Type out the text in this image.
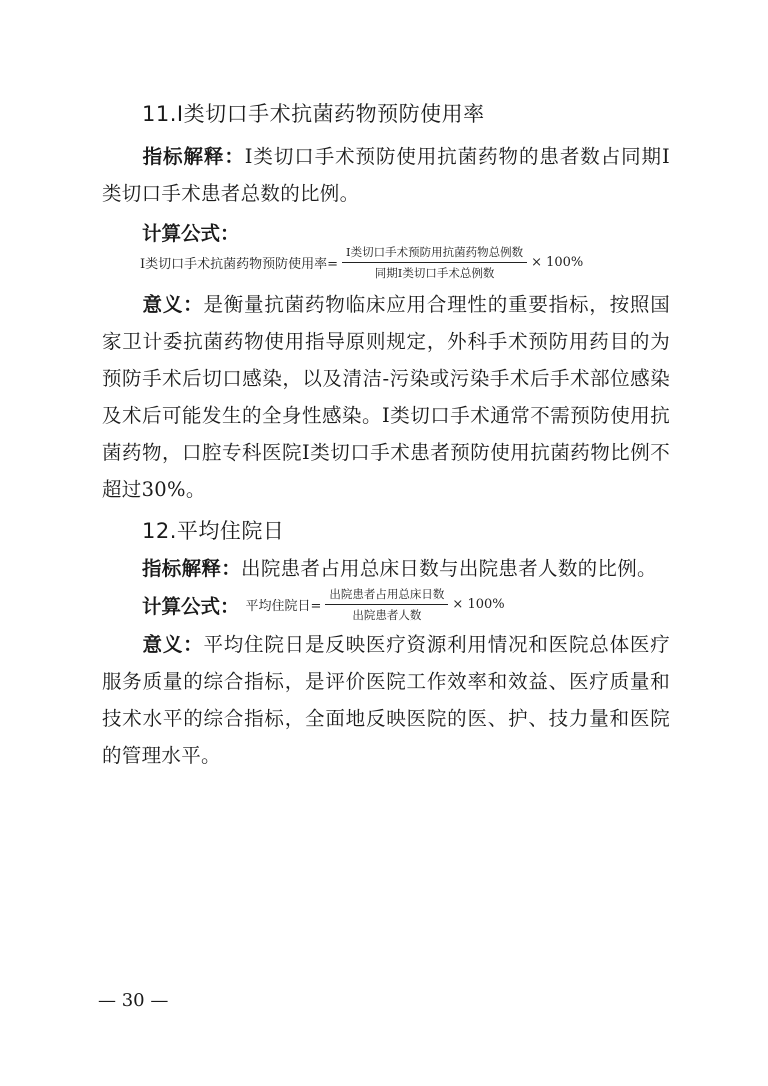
11.Ⅰ类切口手术抗菌药物预防使用率
指标解释：Ⅰ类切口手术预防使用抗菌药物的患者数占同期Ⅰ类切口手术患者总数的比例。
计算公式：
Ⅰ类切口手术抗菌药物预防使用率= $\frac{\text{Ⅰ类切口手术预防用抗菌药物总例数}}{\text{同期Ⅰ类切口手术总例数}} \times 100\%$
意义：是衡量抗菌药物临床应用合理性的重要指标，按照国家卫计委抗菌药物使用指导原则规定，外科手术预防用药目的为预防手术后切口感染，以及清洁-污染或污染手术后手术部位感染及术后可能发生的全身性感染。Ⅰ类切口手术通常不需预防使用抗菌药物，口腔专科医院Ⅰ类切口手术患者预防使用抗菌药物比例不超过30%。
12.平均住院日
指标解释：出院患者占用总床日数与出院患者人数的比例。
计算公式： 平均住院日= $\frac{\text{出院患者占用总床日数}}{\text{出院患者人数}} \times 100\%$
意义：平均住院日是反映医疗资源利用情况和医院总体医疗服务质量的综合指标，是评价医院工作效率和效益、医疗质量和技术水平的综合指标，全面地反映医院的医、护、技力量和医院的管理水平。
— 30 —
